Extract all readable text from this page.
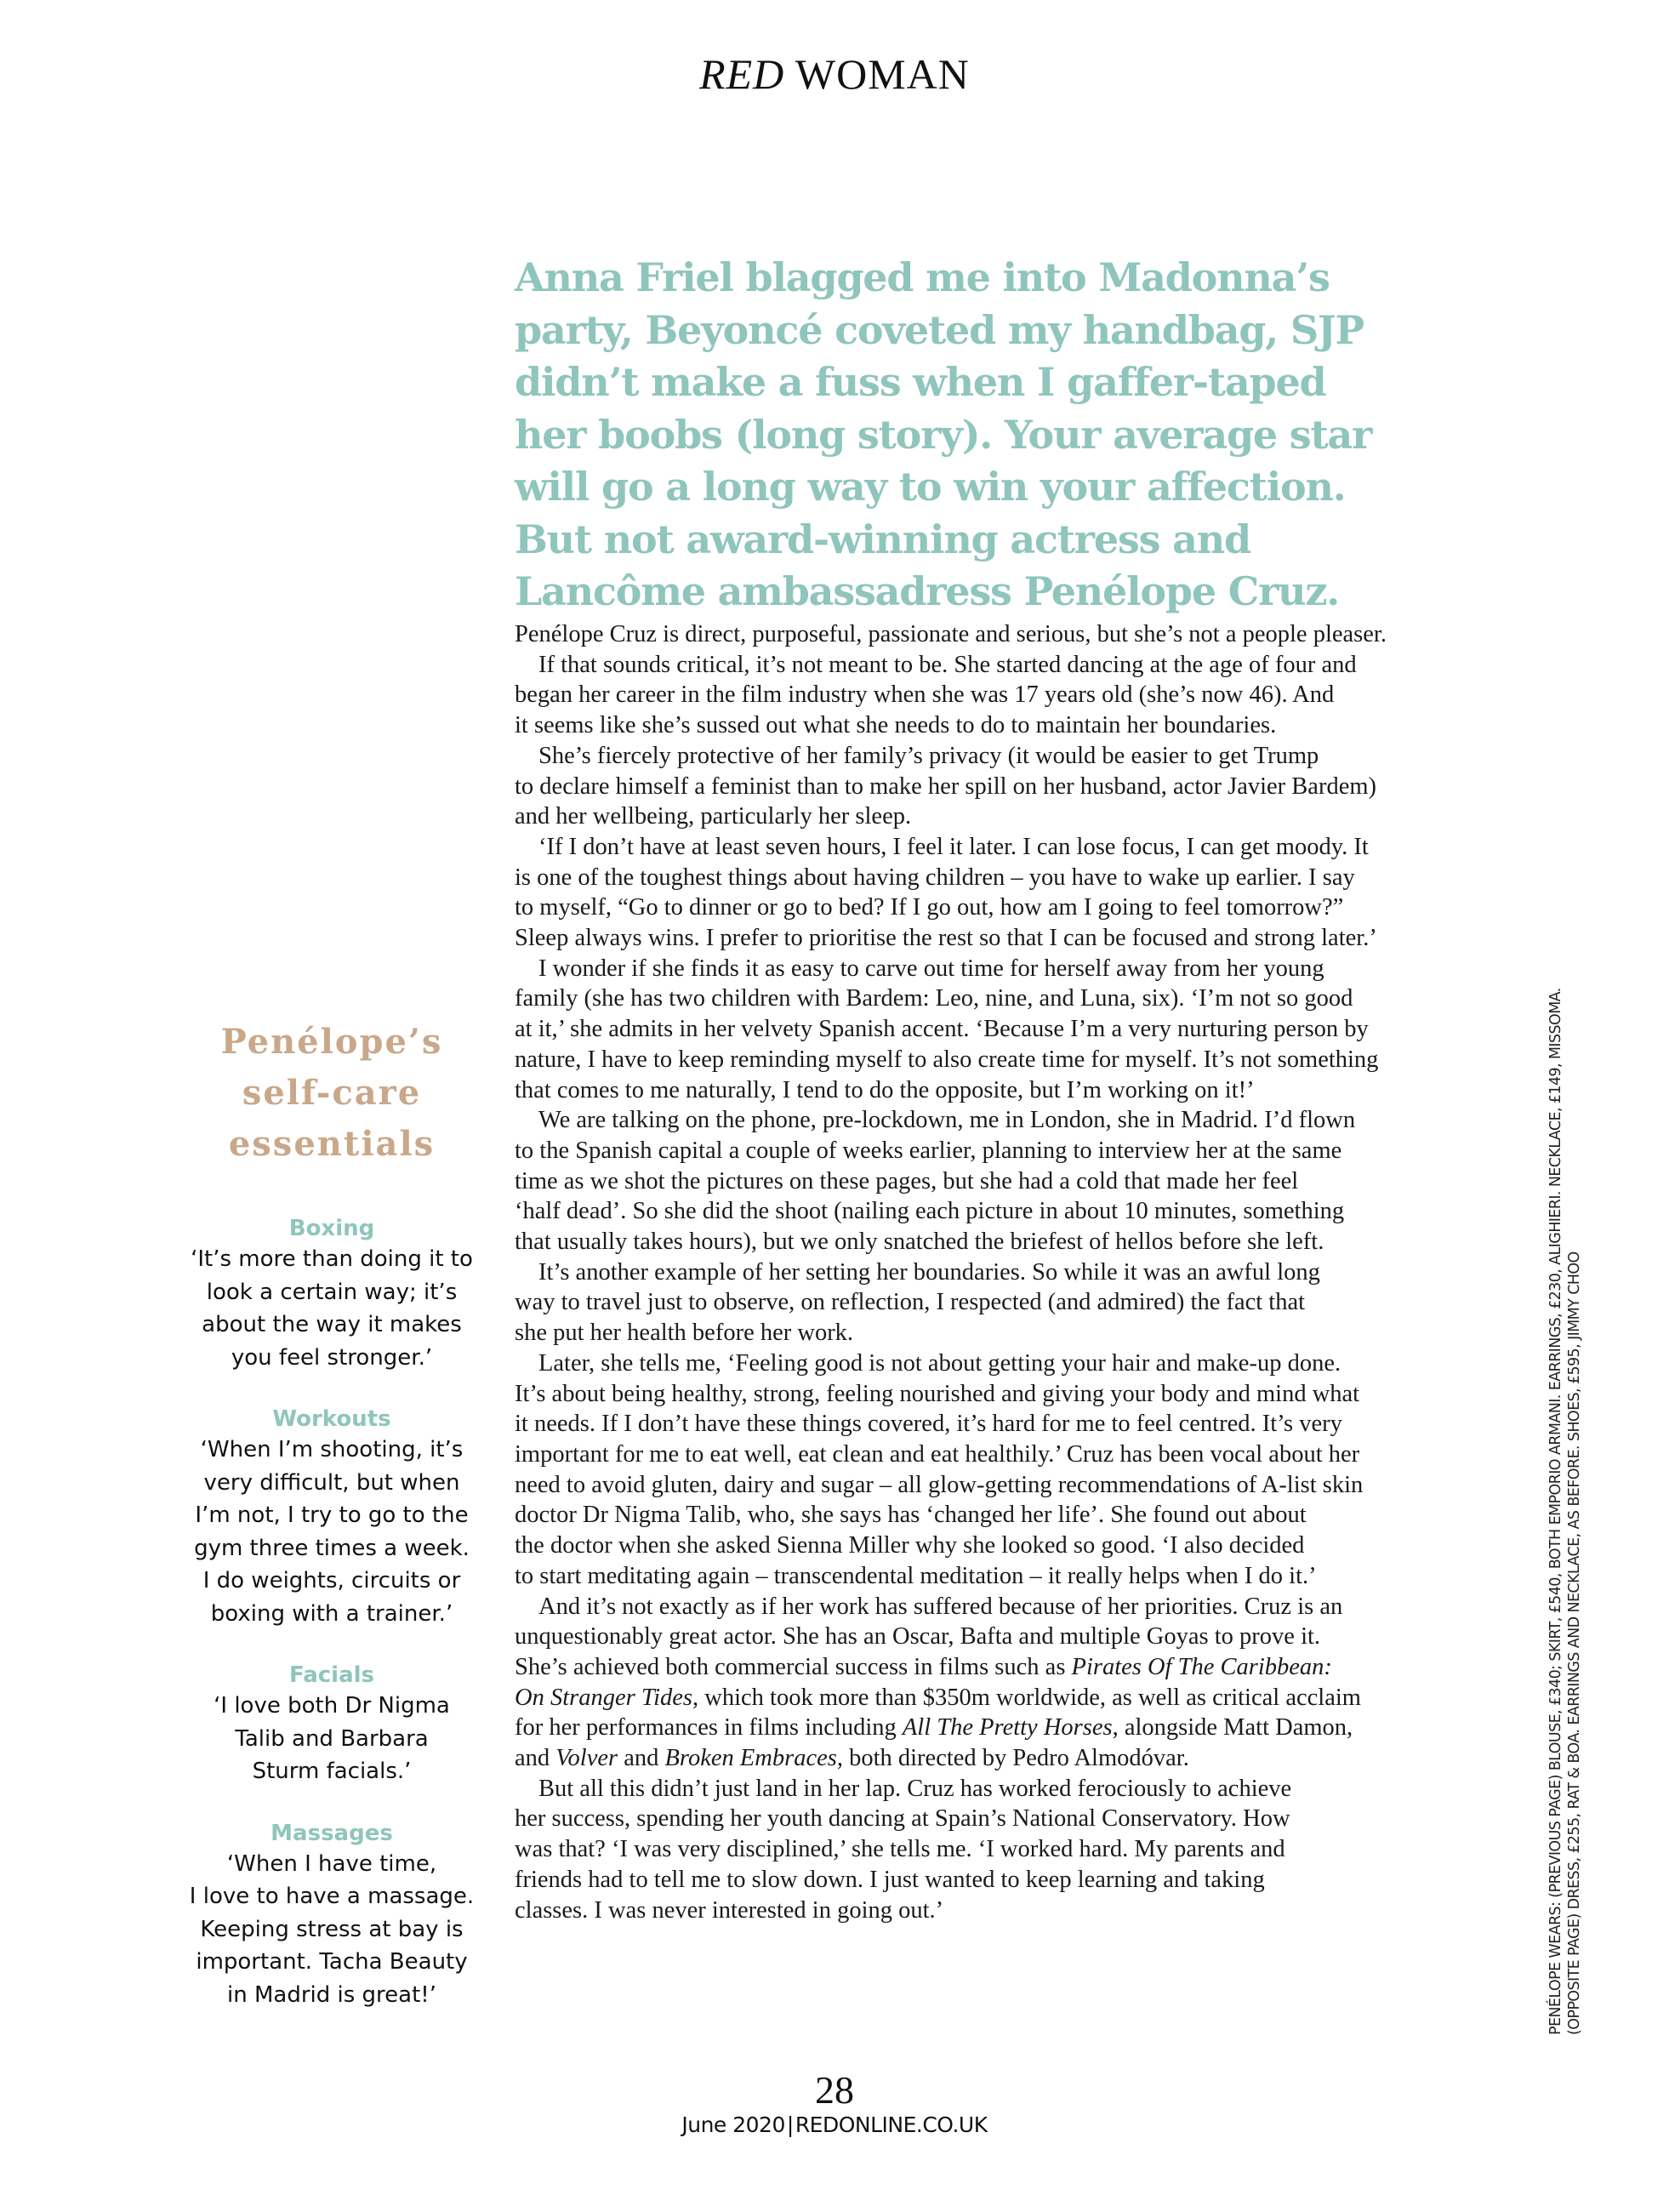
RED WOMAN
Anna Friel blagged me into Madonna’s
party, Beyoncé coveted my handbag, SJP
didn’t make a fuss when I gaffer-taped
her boobs (long story). Your average star
will go a long way to win your affection.
But not award-winning actress and
Lancôme ambassadress Penélope Cruz.
Penélope Cruz is direct, purposeful, passionate and serious, but she’s not a people pleaser.
If that sounds critical, it’s not meant to be. She started dancing at the age of four and
began her career in the film industry when she was 17 years old (she’s now 46). And
it seems like she’s sussed out what she needs to do to maintain her boundaries.
She’s fiercely protective of her family’s privacy (it would be easier to get Trump
to declare himself a feminist than to make her spill on her husband, actor Javier Bardem)
and her wellbeing, particularly her sleep.
‘If I don’t have at least seven hours, I feel it later. I can lose focus, I can get moody. It
is one of the toughest things about having children – you have to wake up earlier. I say
to myself, “Go to dinner or go to bed? If I go out, how am I going to feel tomorrow?”
Sleep always wins. I prefer to prioritise the rest so that I can be focused and strong later.’
I wonder if she finds it as easy to carve out time for herself away from her young
family (she has two children with Bardem: Leo, nine, and Luna, six). ‘I’m not so good
at it,’ she admits in her velvety Spanish accent. ‘Because I’m a very nurturing person by
nature, I have to keep reminding myself to also create time for myself. It’s not something
that comes to me naturally, I tend to do the opposite, but I’m working on it!’
We are talking on the phone, pre-lockdown, me in London, she in Madrid. I’d flown
to the Spanish capital a couple of weeks earlier, planning to interview her at the same
time as we shot the pictures on these pages, but she had a cold that made her feel
‘half dead’. So she did the shoot (nailing each picture in about 10 minutes, something
that usually takes hours), but we only snatched the briefest of hellos before she left.
It’s another example of her setting her boundaries. So while it was an awful long
way to travel just to observe, on reflection, I respected (and admired) the fact that
she put her health before her work.
Later, she tells me, ‘Feeling good is not about getting your hair and make-up done.
It’s about being healthy, strong, feeling nourished and giving your body and mind what
it needs. If I don’t have these things covered, it’s hard for me to feel centred. It’s very
important for me to eat well, eat clean and eat healthily.’ Cruz has been vocal about her
need to avoid gluten, dairy and sugar – all glow-getting recommendations of A-list skin
doctor Dr Nigma Talib, who, she says has ‘changed her life’. She found out about
the doctor when she asked Sienna Miller why she looked so good. ‘I also decided
to start meditating again – transcendental meditation – it really helps when I do it.’
And it’s not exactly as if her work has suffered because of her priorities. Cruz is an
unquestionably great actor. She has an Oscar, Bafta and multiple Goyas to prove it.
She’s achieved both commercial success in films such as Pirates Of The Caribbean:
On Stranger Tides, which took more than $350m worldwide, as well as critical acclaim
for her performances in films including All The Pretty Horses, alongside Matt Damon,
and Volver and Broken Embraces, both directed by Pedro Almodóvar.
But all this didn’t just land in her lap. Cruz has worked ferociously to achieve
her success, spending her youth dancing at Spain’s National Conservatory. How
was that? ‘I was very disciplined,’ she tells me. ‘I worked hard. My parents and
friends had to tell me to slow down. I just wanted to keep learning and taking
classes. I was never interested in going out.’
Penélope’s
self-care
essentials
Boxing
‘It’s more than doing it to
look a certain way; it’s
about the way it makes
you feel stronger.’
Workouts
‘When I’m shooting, it’s
very difficult, but when
I’m not, I try to go to the
gym three times a week.
I do weights, circuits or
boxing with a trainer.’
Facials
‘I love both Dr Nigma
Talib and Barbara
Sturm facials.’
Massages
‘When I have time,
I love to have a massage.
Keeping stress at bay is
important. Tacha Beauty
in Madrid is great!’	PENÉLOPE WEARS: (PREVIOUS PAGE) BLOUSE, £340; SKIRT, £540, BOTH EMPORIO ARMANI. EARRINGS, £230, ALIGHIERI. NECKLACE, £149, MISSOMA. (OPPOSITE PAGE) DRESS, £255, RAT & BOA. EARRINGS AND NECKLACE, AS BEFORE. SHOES, £595, JIMMY CHOO
28
June 2020|REDONLINE.CO.UK
